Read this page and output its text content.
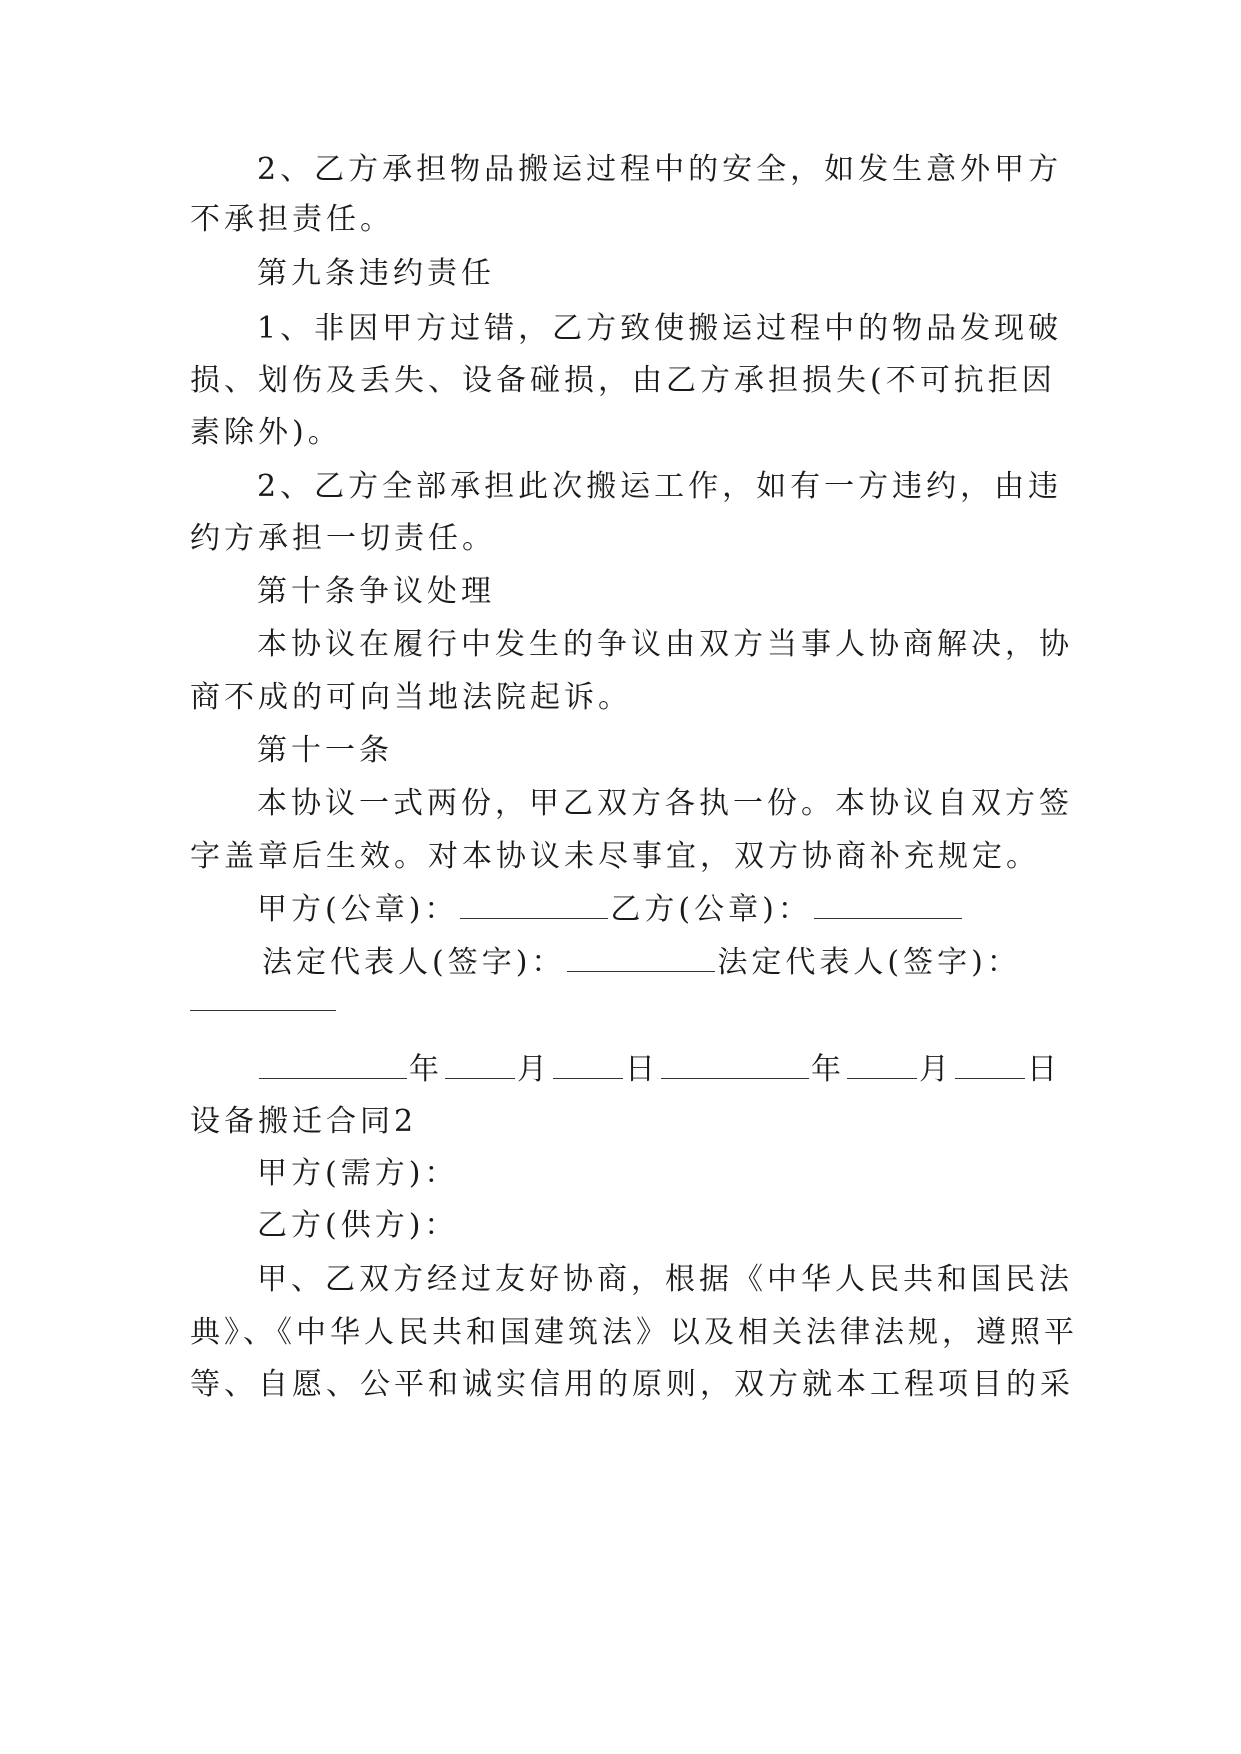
2、乙方承担物品搬运过程中的安全，如发生意外甲方
不承担责任。
第九条违约责任
1、非因甲方过错，乙方致使搬运过程中的物品发现破
损、划伤及丢失、设备碰损，由乙方承担损失(不可抗拒因
素除外)。
2、乙方全部承担此次搬运工作，如有一方违约，由违
约方承担一切责任。
第十条争议处理
本协议在履行中发生的争议由双方当事人协商解决，协
商不成的可向当地法院起诉。
第十一条
本协议一式两份，甲乙双方各执一份。本协议自双方签
字盖章后生效。对本协议未尽事宜，双方协商补充规定。
甲方(公章)：	乙方(公章)：
法定代表人(签字)：	法定代表人(签字)：
年 月 日	年 月 日
设备搬迁合同2
甲方(需方)：
乙方(供方)：
甲、乙双方经过友好协商，根据《中华人民共和国民法
典》、《中华人民共和国建筑法》以及相关法律法规，遵照平
等、自愿、公平和诚实信用的原则，双方就本工程项目的采
